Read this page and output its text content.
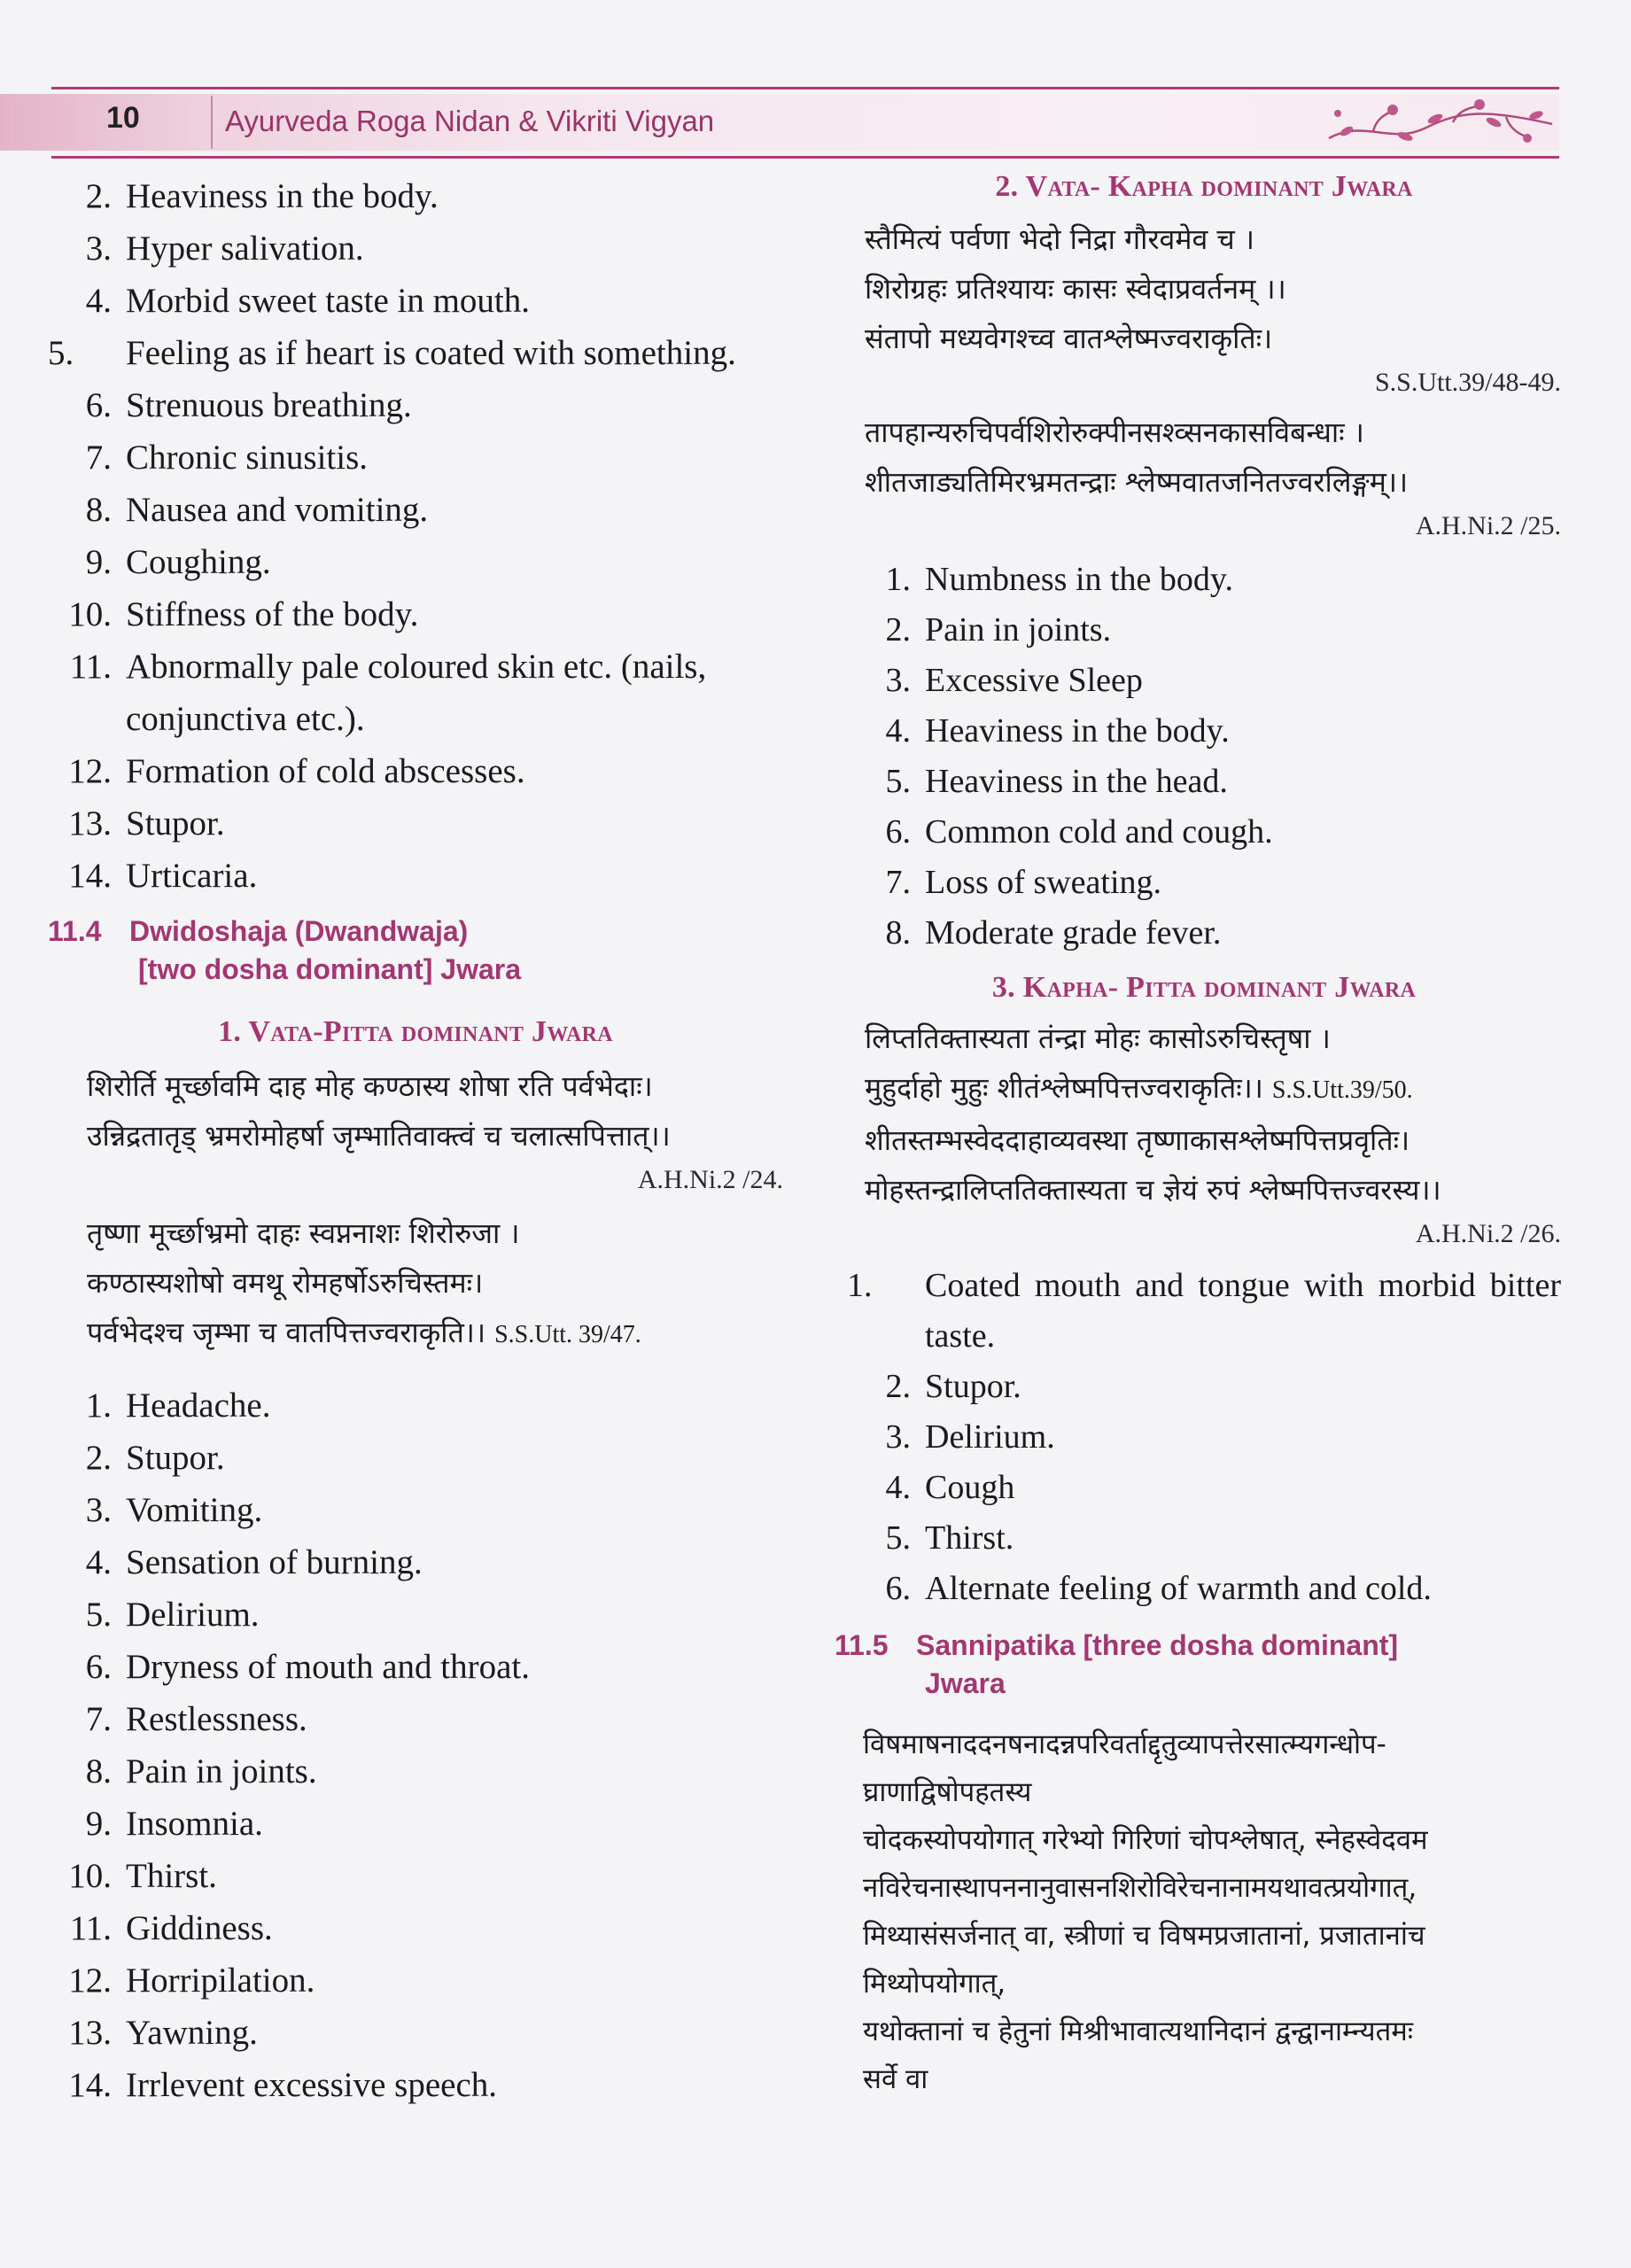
10	Ayurveda Roga Nidan & Vikriti Vigyan
2. Heaviness in the body.
3. Hyper salivation.
4. Morbid sweet taste in mouth.
5.	Feeling as if heart is coated with something.
6. Strenuous breathing.
7. Chronic sinusitis.
8. Nausea and vomiting.
9. Coughing.
10. Stiffness of the body.
11. Abnormally pale coloured skin etc. (nails, conjunctiva etc.).
12. Formation of cold abscesses.
13. Stupor.
14. Urticaria.
11.4 Dwidoshaja (Dwandwaja)
[two dosha dominant] Jwara
1. Vata-Pitta dominant Jwara
शिरोर्ति मूर्च्छावमि दाह मोह कण्ठास्य शोषा रति पर्वभेदाः।
उन्निद्रतातृड् भ्रमरोमोहर्षा जृम्भातिवाक्त्वं च चलात्सपित्तात्।।
A.H.Ni.2 /24.
तृष्णा मूर्च्छाभ्रमो दाहः स्वप्ननाशः शिरोरुजा ।
कण्ठास्यशोषो वमथू रोमहर्षोऽरुचिस्तमः।
पर्वभेदश्च जृम्भा च वातपित्तज्वराकृति।। S.S.Utt. 39/47.
1. Headache.
2. Stupor.
3. Vomiting.
4. Sensation of burning.
5. Delirium.
6. Dryness of mouth and throat.
7. Restlessness.
8. Pain in joints.
9. Insomnia.
10. Thirst.
11. Giddiness.
12. Horripilation.
13. Yawning.
14. Irrlevent excessive speech.
2. Vata- Kapha dominant Jwara
स्तैमित्यं पर्वणा भेदो निद्रा गौरवमेव च ।
शिरोग्रहः प्रतिश्यायः कासः स्वेदाप्रवर्तनम् ।।
संतापो मध्यवेगश्च्व वातश्लेष्मज्वराकृतिः।
S.S.Utt.39/48-49.
तापहान्यरुचिपर्वशिरोरुक्पीनसश्व्सनकासविबन्धाः ।
शीतजाड्यतिमिरभ्रमतन्द्राः श्लेष्मवातजनितज्वरलिङ्गम्।।
A.H.Ni.2 /25.
1. Numbness in the body.
2. Pain in joints.
3. Excessive Sleep
4. Heaviness in the body.
5. Heaviness in the head.
6. Common cold and cough.
7. Loss of sweating.
8. Moderate grade fever.
3. Kapha- Pitta dominant Jwara
लिप्ततिक्तास्यता तंन्द्रा मोहः कासोऽरुचिस्तृषा ।
मुहुर्दाहो मुहुः शीतंश्लेष्मपित्तज्वराकृतिः।। S.S.Utt.39/50.
शीतस्तम्भस्वेददाहाव्यवस्था तृष्णाकासश्लेष्मपित्तप्रवृतिः।
मोहस्तन्द्रालिप्ततिक्तास्यता च ज्ञेयं रुपं श्लेष्मपित्तज्वरस्य।।
A.H.Ni.2 /26.
1.	Coated mouth and tongue with morbid bitter taste.
2. Stupor.
3. Delirium.
4. Cough
5. Thirst.
6. Alternate feeling of warmth and cold.
11.5 Sannipatika [three dosha dominant]
Jwara
विषमाषनाददनषनादन्नपरिवर्ताद्दृतुव्यापत्तेरसात्म्यगन्धोप-
घ्राणाद्विषोपहतस्य
चोदकस्योपयोगात् गरेभ्यो गिरिणां चोपश्लेषात्, स्नेहस्वेदवम
नविरेचनास्थापननानुवासनशिरोविरेचनानामयथावत्प्रयोगात्,
मिथ्यासंसर्जनात् वा, स्त्रीणां च विषमप्रजातानां, प्रजातानांच
मिथ्योपयोगात्,
यथोक्तानां च हेतुनां मिश्रीभावात्यथानिदानं द्वन्द्वानाम्न्यतमः
सर्वे वा
